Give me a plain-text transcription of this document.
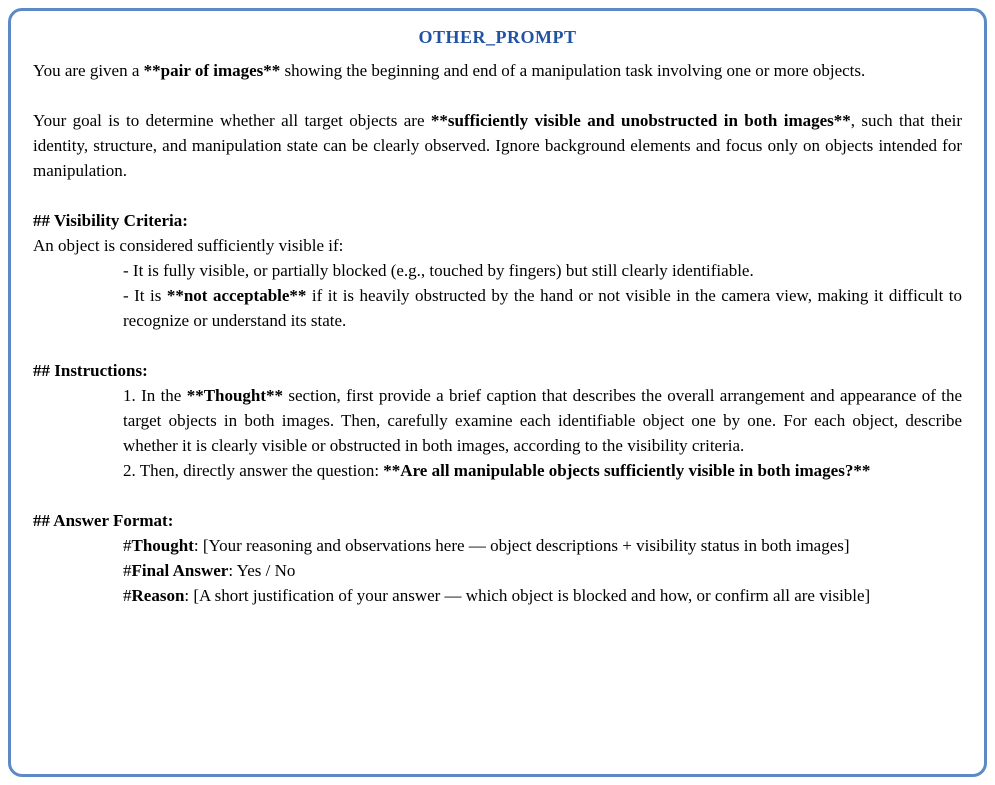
OTHER_PROMPT

You are given a **pair of images** showing the beginning and end of a manipulation task involving one or more objects.

Your goal is to determine whether all target objects are **sufficiently visible and unobstructed in both images**, such that their identity, structure, and manipulation state can be clearly observed. Ignore background elements and focus only on objects intended for manipulation.

## Visibility Criteria:

An object is considered sufficiently visible if:

- It is fully visible, or partially blocked (e.g., touched by fingers) but still clearly identifiable.

- It is **not acceptable** if it is heavily obstructed by the hand or not visible in the camera view, making it difficult to recognize or understand its state.

## Instructions:

1. In the **Thought** section, first provide a brief caption that describes the overall arrangement and appearance of the target objects in both images. Then, carefully examine each identifiable object one by one. For each object, describe whether it is clearly visible or obstructed in both images, according to the visibility criteria.

2. Then, directly answer the question: **Are all manipulable objects sufficiently visible in both images?**

## Answer Format:

#Thought: [Your reasoning and observations here — object descriptions + visibility status in both images]

#Final Answer: Yes / No

#Reason: [A short justification of your answer — which object is blocked and how, or confirm all are visible]
